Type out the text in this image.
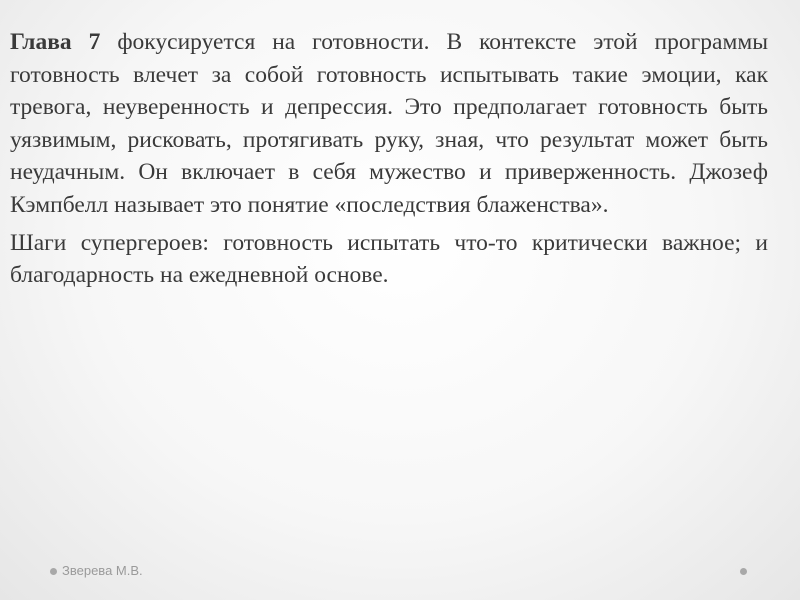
Глава 7 фокусируется на готовности. В контексте этой программы готовность влечет за собой готовность испытывать такие эмоции, как тревога, неуверенность и депрессия. Это предполагает готовность быть уязвимым, рисковать, протягивать руку, зная, что результат может быть неудачным. Он включает в себя мужество и приверженность. Джозеф Кэмпбелл называет это понятие «последствия блаженства».

Шаги супергероев: готовность испытать что-то критически важное; и благодарность на ежедневной основе.

Зверева М.В.
